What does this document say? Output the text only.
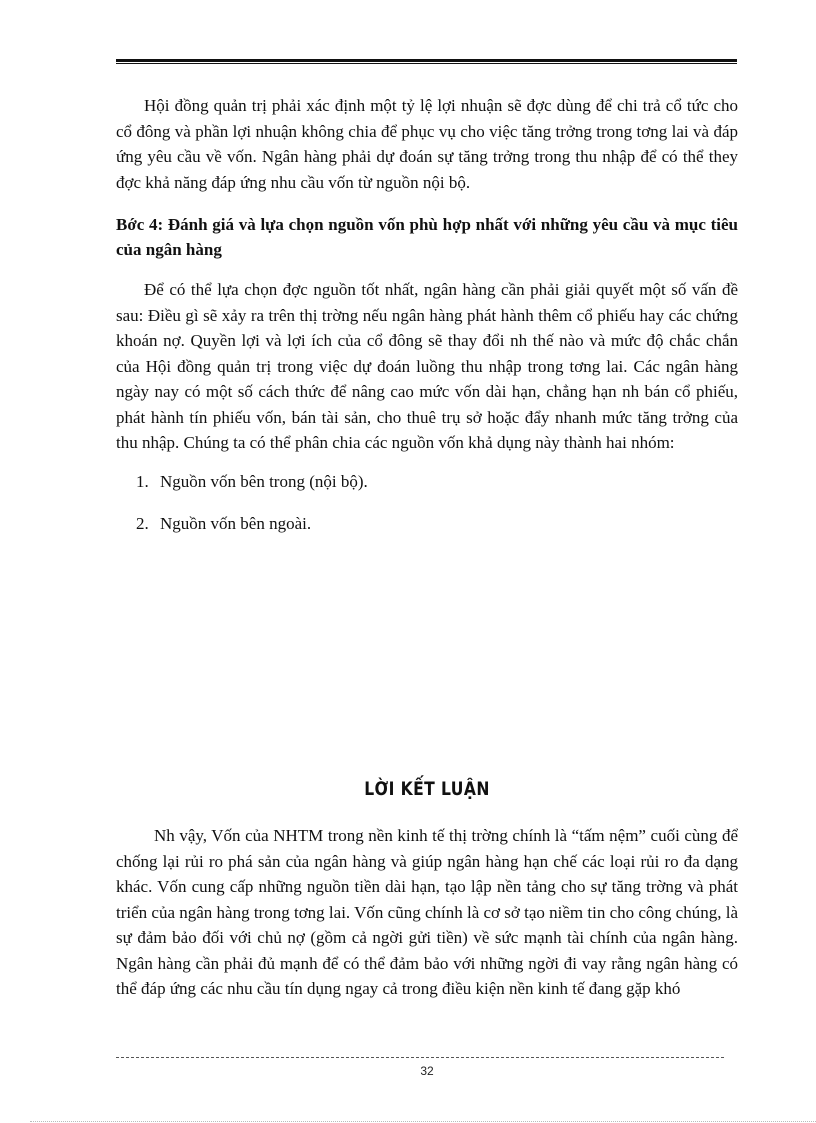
Hội đồng quản trị phải xác định một tỷ lệ lợi nhuận sẽ đợc dùng để chi trả cổ tức cho cổ đông và phần lợi nhuận không chia để phục vụ cho việc tăng trởng trong tơng lai và đáp ứng yêu cầu về vốn. Ngân hàng phải dự đoán sự tăng trởng trong thu nhập để có thể they đợc khả năng đáp ứng nhu cầu vốn từ nguồn nội bộ.

Bớc 4: Đánh giá và lựa chọn nguồn vốn phù hợp nhất với những yêu cầu và mục tiêu của ngân hàng

Để có thể lựa chọn đợc nguồn tốt nhất, ngân hàng cần phải giải quyết một số vấn đề sau: Điều gì sẽ xảy ra trên thị trờng nếu ngân hàng phát hành thêm cổ phiếu hay các chứng khoán nợ. Quyền lợi và lợi ích của cổ đông sẽ thay đổi nh thế nào và mức độ chắc chắn của Hội đồng quản trị trong việc dự đoán luồng thu nhập trong tơng lai. Các ngân hàng ngày nay có một số cách thức để nâng cao mức vốn dài hạn, chẳng hạn nh bán cổ phiếu, phát hành tín phiếu vốn, bán tài sản, cho thuê trụ sở hoặc đẩy nhanh mức tăng trởng của thu nhập. Chúng ta có thể phân chia các nguồn vốn khả dụng này thành hai nhóm:

1. Nguồn vốn bên trong (nội bộ).
2. Nguồn vốn bên ngoài.
LỜI KẾT LUẬN

Nh vậy, Vốn của NHTM trong nền kinh tế thị trờng chính là “tấm nệm” cuối cùng để chống lại rủi ro phá sản của ngân hàng và giúp ngân hàng hạn chế các loại rủi ro đa dạng khác. Vốn cung cấp những nguồn tiền dài hạn, tạo lập nền tảng cho sự tăng trờng và phát triển của ngân hàng trong tơng lai. Vốn cũng chính là cơ sở tạo niềm tin cho công chúng, là sự đảm bảo đối với chủ nợ (gồm cả ngời gửi tiền) về sức mạnh tài chính của ngân hàng. Ngân hàng cần phải đủ mạnh để có thể đảm bảo với những ngời đi vay rằng ngân hàng có thể đáp ứng các nhu cầu tín dụng ngay cả trong điều kiện nền kinh tế đang gặp khó

32
